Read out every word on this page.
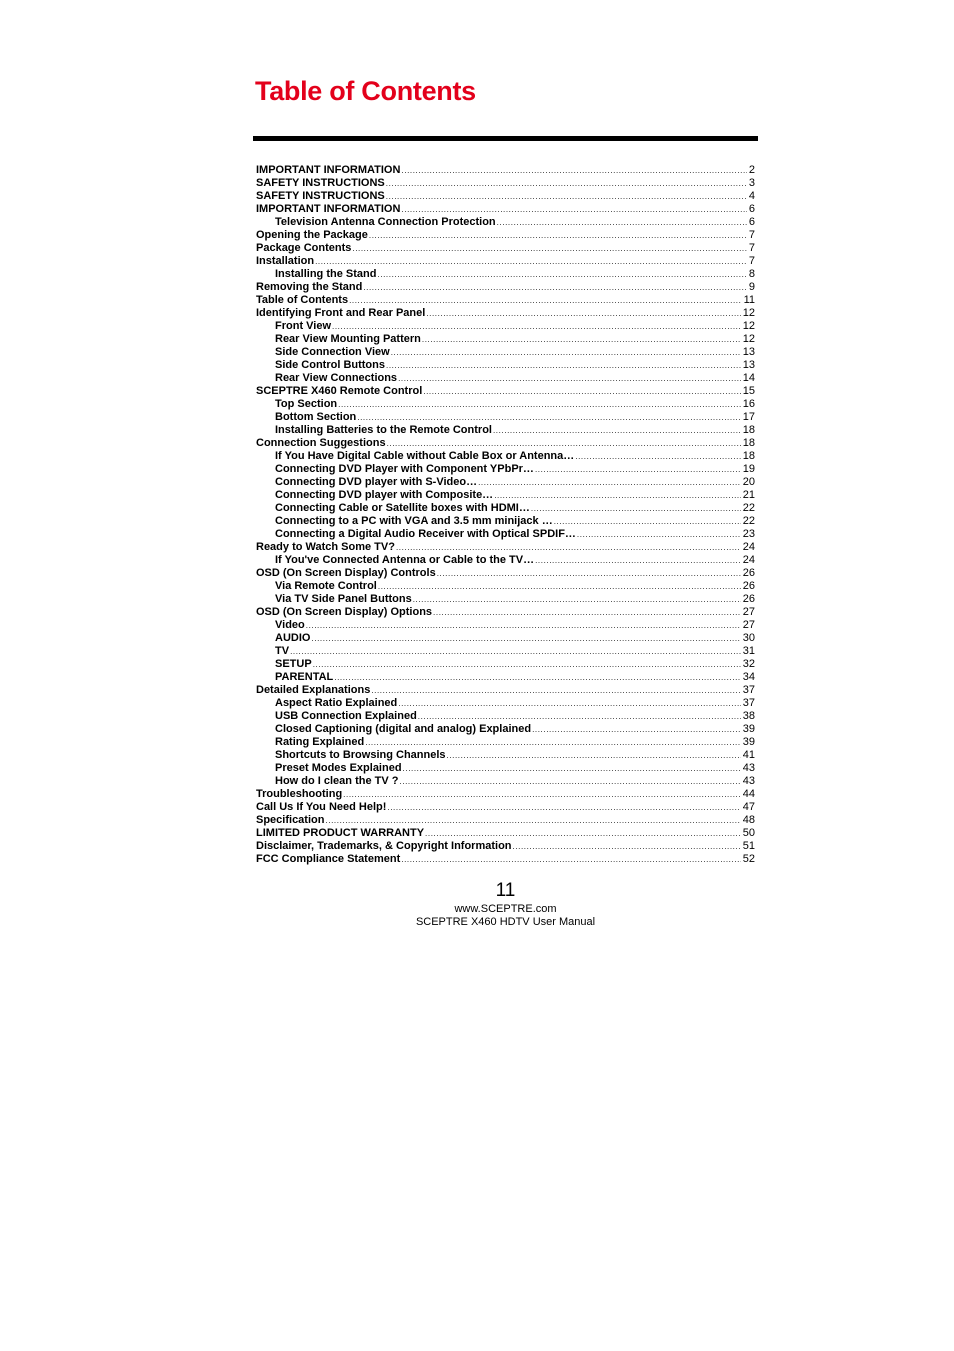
Table of Contents
IMPORTANT INFORMATION .....	2
SAFETY INSTRUCTIONS .....	3
SAFETY INSTRUCTIONS .....	4
IMPORTANT INFORMATION .....	6
Television Antenna Connection Protection .....	6
Opening the Package .....	7
Package Contents .....	7
Installation .....	7
Installing the Stand .....	8
Removing the Stand .....	9
Table of Contents .....	11
Identifying Front and Rear Panel .....	12
Front View .....	12
Rear View Mounting Pattern .....	12
Side Connection View .....	13
Side Control Buttons .....	13
Rear View Connections .....	14
SCEPTRE X460 Remote Control .....	15
Top Section .....	16
Bottom Section .....	17
Installing Batteries to the Remote Control .....	18
Connection Suggestions .....	18
If You Have Digital Cable without Cable Box or Antenna… .....	18
Connecting DVD Player with Component YPbPr… .....	19
Connecting DVD player with S-Video… .....	20
Connecting DVD player with Composite… .....	21
Connecting Cable or Satellite boxes with HDMI… .....	22
Connecting to a PC with VGA and 3.5 mm minijack … .....	22
Connecting a Digital Audio Receiver with Optical SPDIF… .....	23
Ready to Watch Some TV? .....	24
If You've Connected Antenna or Cable to the TV… .....	24
OSD (On Screen Display) Controls .....	26
Via Remote Control .....	26
Via TV Side Panel Buttons .....	26
OSD (On Screen Display) Options .....	27
Video .....	27
AUDIO .....	30
TV .....	31
SETUP .....	32
PARENTAL .....	34
Detailed Explanations .....	37
Aspect Ratio Explained .....	37
USB Connection Explained .....	38
Closed Captioning (digital and analog) Explained .....	39
Rating Explained .....	39
Shortcuts to Browsing Channels .....	41
Preset Modes Explained .....	43
How do I clean the TV ? .....	43
Troubleshooting .....	44
Call Us If You Need Help! .....	47
Specification .....	48
LIMITED PRODUCT WARRANTY .....	50
Disclaimer, Trademarks, & Copyright Information .....	51
FCC Compliance Statement .....	52
11
www.SCEPTRE.com
SCEPTRE X460 HDTV User Manual
